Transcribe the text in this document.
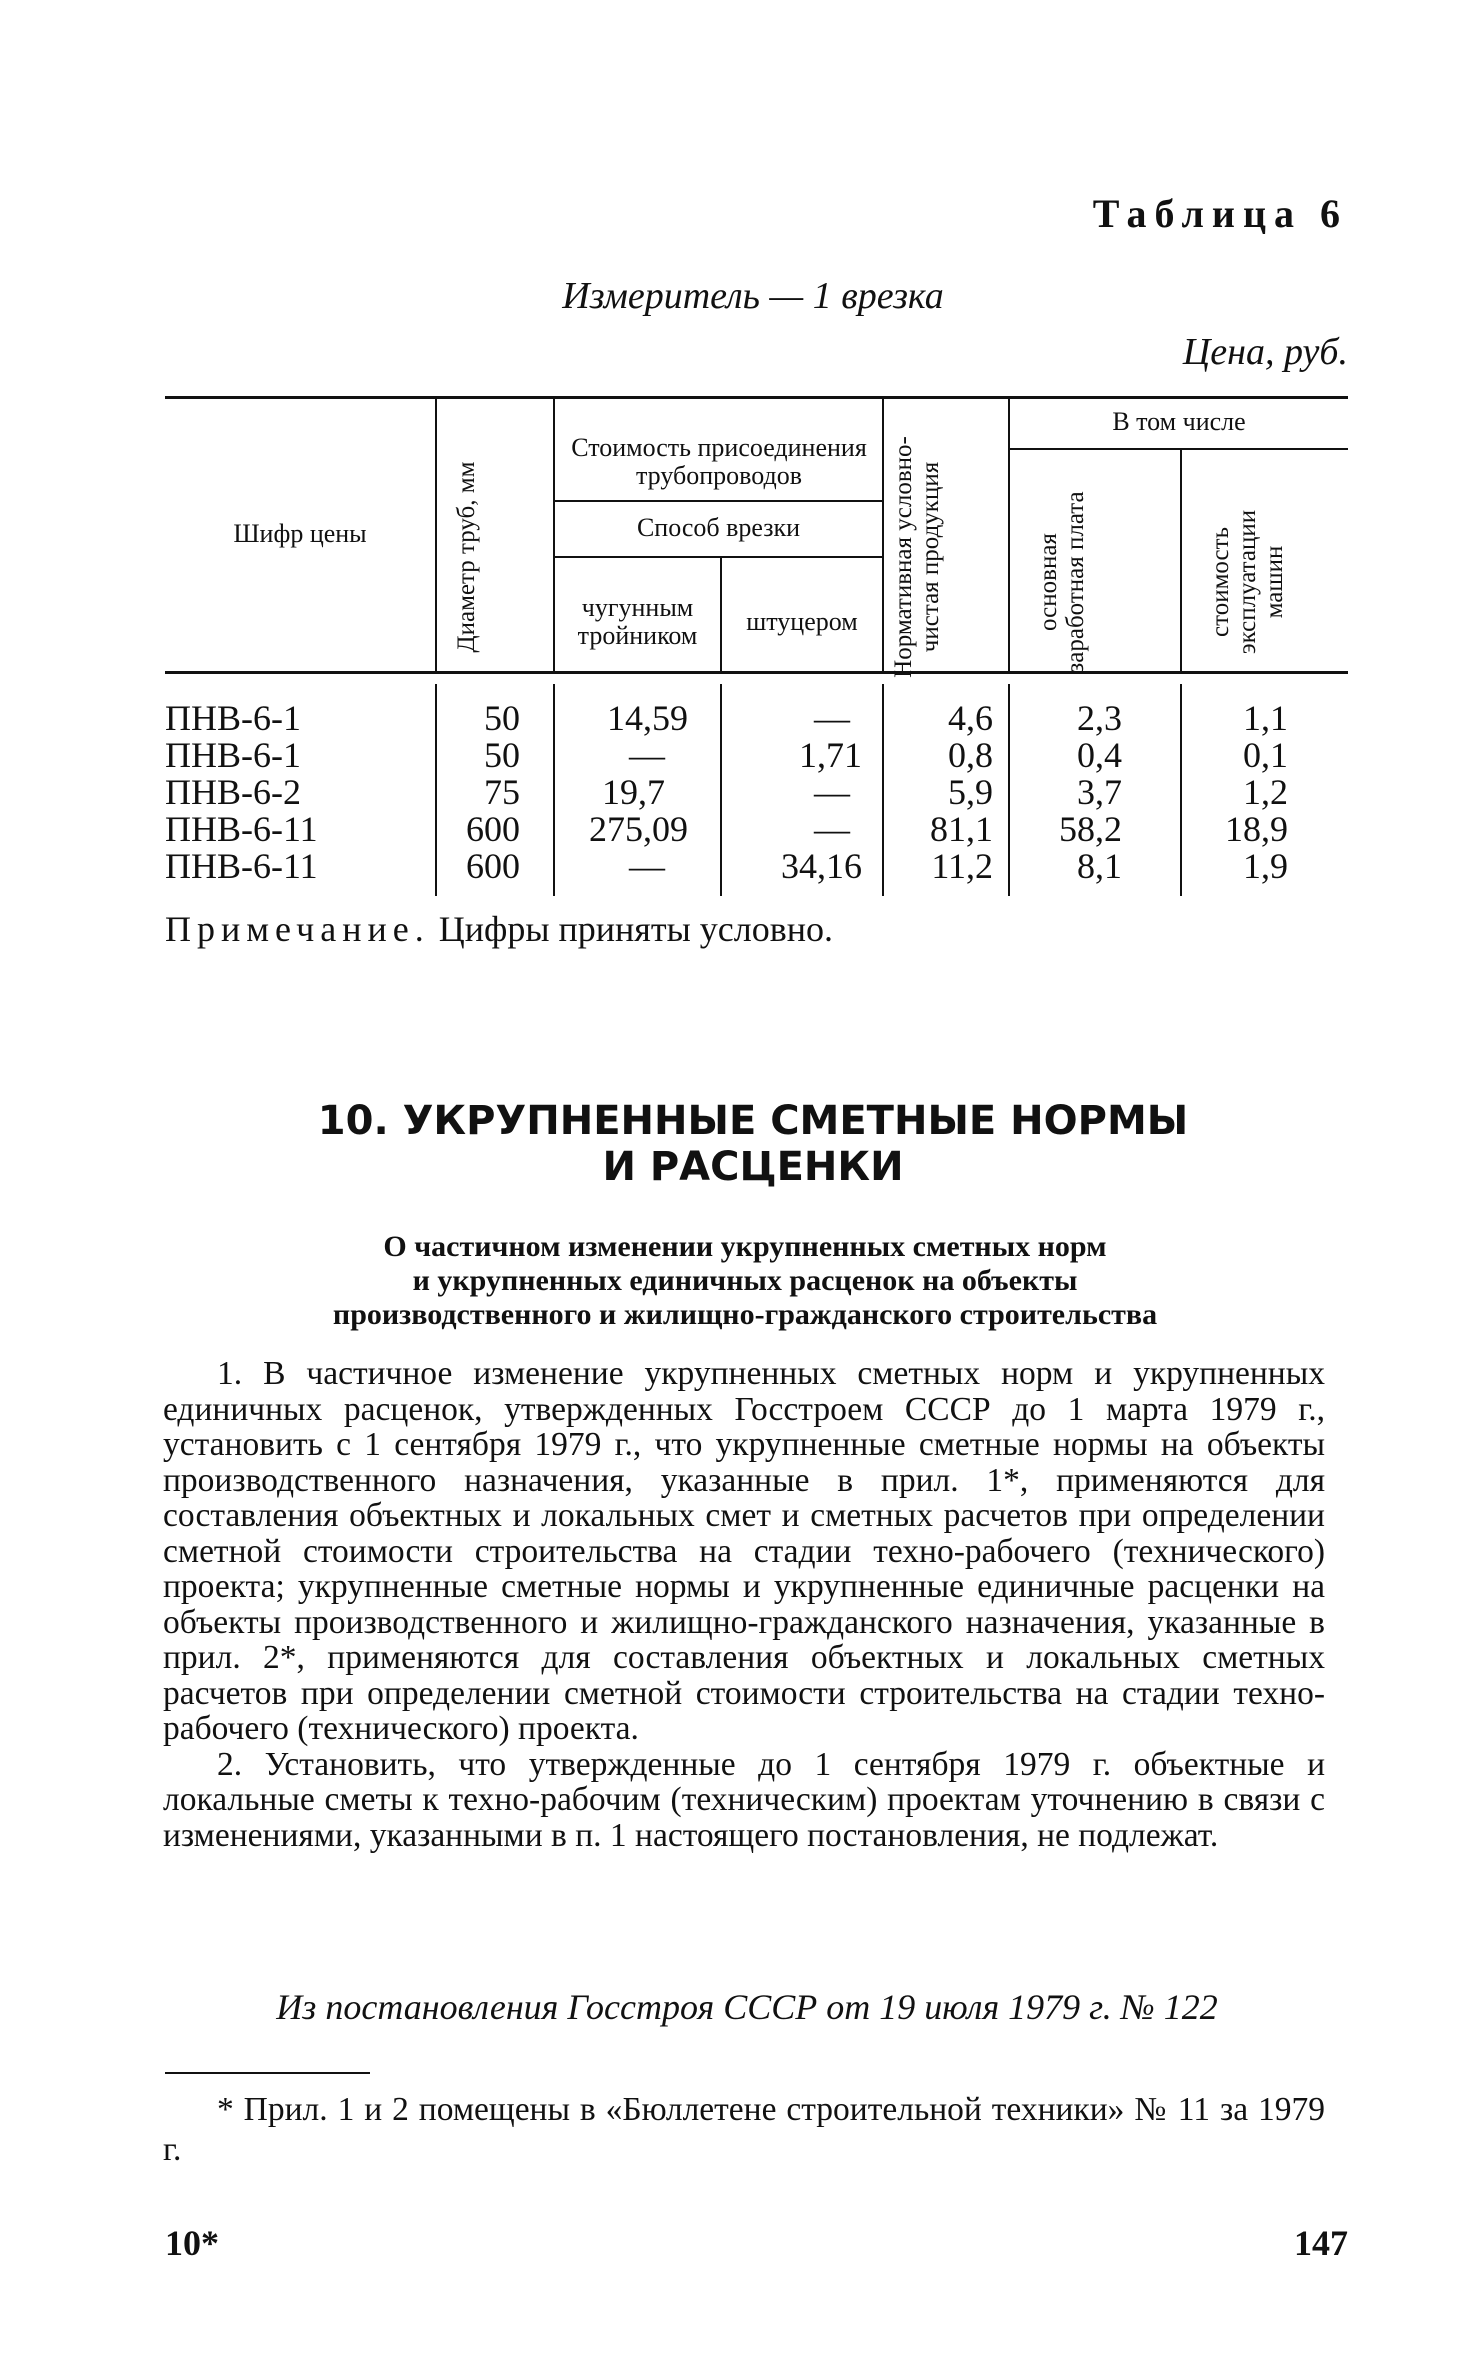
Таблица 6
Измеритель — 1 врезка
Цена, руб.
Шифр цены	Диаметр труб, мм
Стоимость присоединения трубопроводов
Способ врезки
чугунным тройником	штуцером	Нормативная условно-чистая продукция
В том числе
основная заработная плата	стоимость эксплуатации машин
ПНВ-6-1	50	14,59	—	4,6	2,3	1,1
ПНВ-6-1	50	—	1,71	0,8	0,4	0,1
ПНВ-6-2	75	19,7	—	5,9	3,7	1,2
ПНВ-6-11	600	275,09	—	81,1	58,2	18,9
ПНВ-6-11	600	—	34,16	11,2	8,1	1,9
Примечание. Цифры приняты условно.
10. УКРУПНЕННЫЕ СМЕТНЫЕ НОРМЫ
И РАСЦЕНКИ
О частичном изменении укрупненных сметных норм
и укрупненных единичных расценок на объекты
производственного и жилищно-гражданского строительства

1. В частичное изменение укрупненных сметных норм и укрупненных единичных расценок, утвержденных Госстроем СССР до 1 марта 1979 г., установить с 1 сентября 1979 г., что укрупненные сметные нормы на объекты производственного назначения, указанные в прил. 1*, применяются для составления объектных и локальных смет и сметных расчетов при определении сметной стоимости строительства на стадии техно-рабочего (технического) проекта; укрупненные сметные нормы и укрупненные единичные расценки на объекты производственного и жилищно-гражданского назначения, указанные в прил. 2*, применяются для составления объектных и локальных сметных расчетов при определении сметной стоимости строительства на стадии техно-рабочего (технического) проекта.

2. Установить, что утвержденные до 1 сентября 1979 г. объектные и локальные сметы к техно-рабочим (техническим) проектам уточнению в связи с изменениями, указанными в п. 1 настоящего постановления, не подлежат.

Из постановления Госстроя СССР от 19 июля 1979 г. № 122

* Прил. 1 и 2 помещены в «Бюллетене строительной техники» № 11 за 1979 г.

10*	147
